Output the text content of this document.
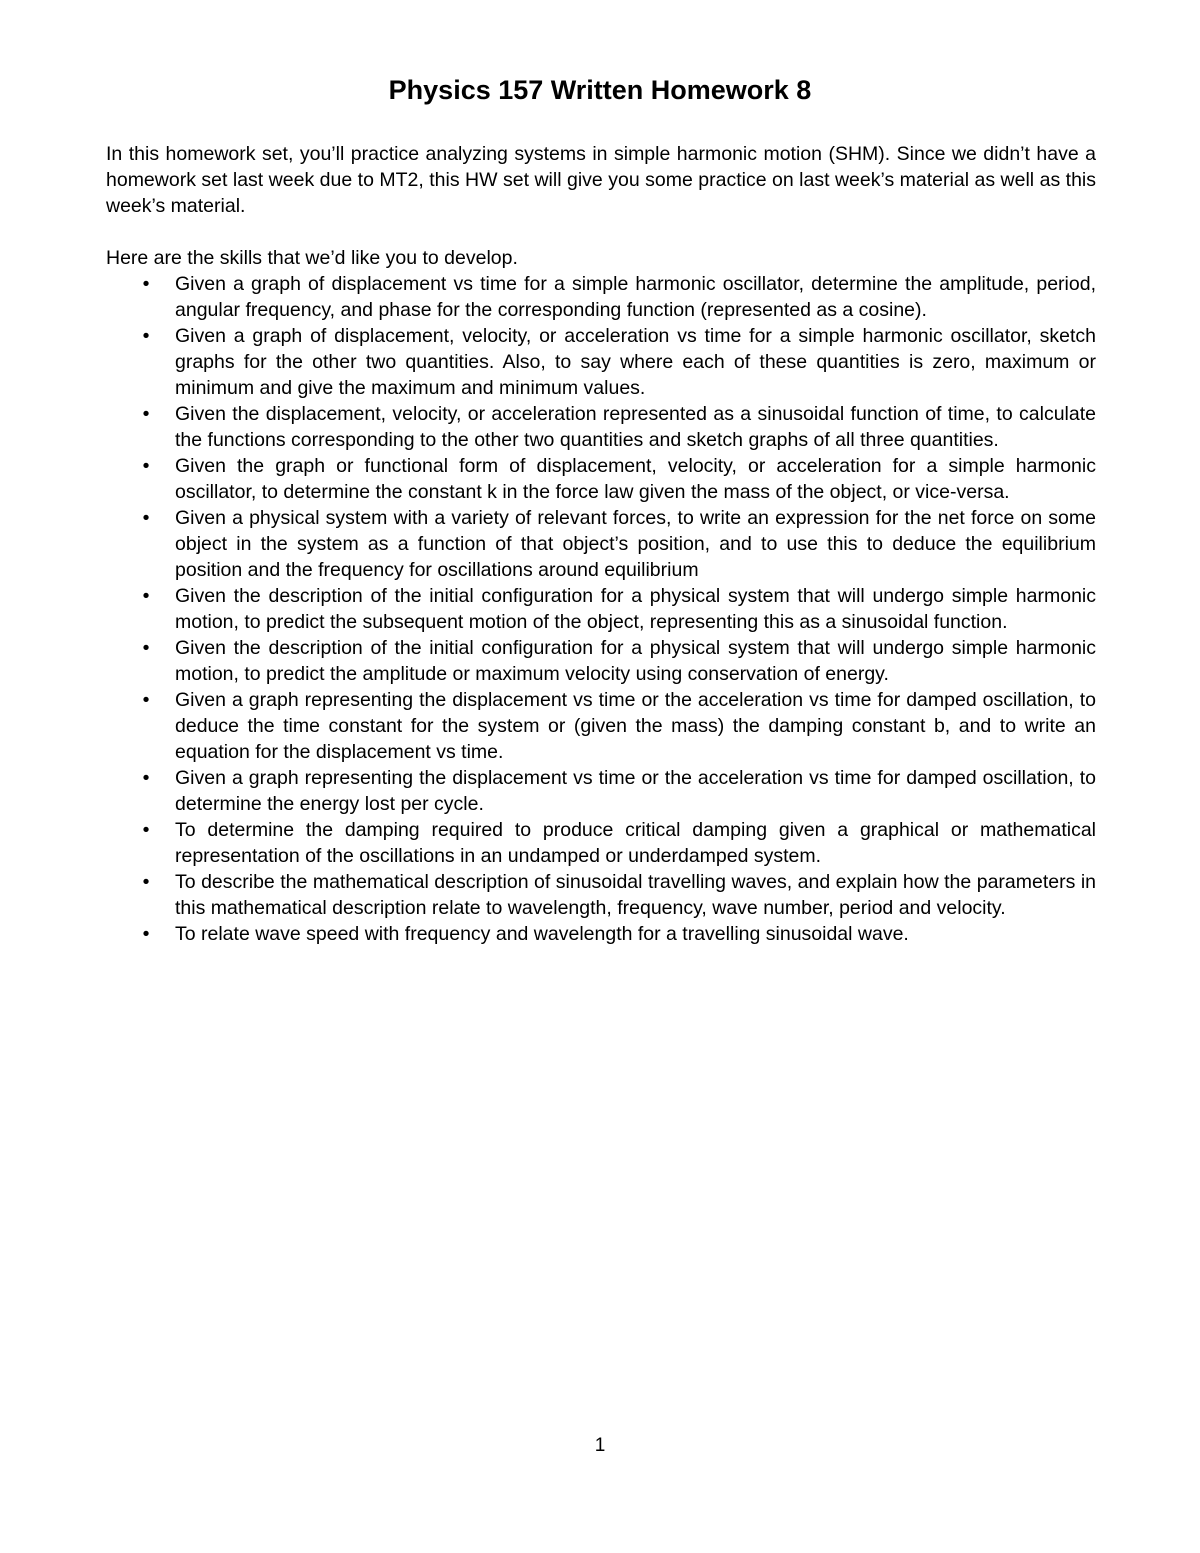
Physics 157 Written Homework 8

In this homework set, you’ll practice analyzing systems in simple harmonic motion (SHM). Since we didn’t have a homework set last week due to MT2, this HW set will give you some practice on last week’s material as well as this week’s material.

Here are the skills that we’d like you to develop.

• Given a graph of displacement vs time for a simple harmonic oscillator, determine the amplitude, period, angular frequency, and phase for the corresponding function (represented as a cosine).
• Given a graph of displacement, velocity, or acceleration vs time for a simple harmonic oscillator, sketch graphs for the other two quantities. Also, to say where each of these quantities is zero, maximum or minimum and give the maximum and minimum values.
• Given the displacement, velocity, or acceleration represented as a sinusoidal function of time, to calculate the functions corresponding to the other two quantities and sketch graphs of all three quantities.
• Given the graph or functional form of displacement, velocity, or acceleration for a simple harmonic oscillator, to determine the constant k in the force law given the mass of the object, or vice-versa.
• Given a physical system with a variety of relevant forces, to write an expression for the net force on some object in the system as a function of that object’s position, and to use this to deduce the equilibrium position and the frequency for oscillations around equilibrium
• Given the description of the initial configuration for a physical system that will undergo simple harmonic motion, to predict the subsequent motion of the object, representing this as a sinusoidal function.
• Given the description of the initial configuration for a physical system that will undergo simple harmonic motion, to predict the amplitude or maximum velocity using conservation of energy.
• Given a graph representing the displacement vs time or the acceleration vs time for damped oscillation, to deduce the time constant for the system or (given the mass) the damping constant b, and to write an equation for the displacement vs time.
• Given a graph representing the displacement vs time or the acceleration vs time for damped oscillation, to determine the energy lost per cycle.
• To determine the damping required to produce critical damping given a graphical or mathematical representation of the oscillations in an undamped or underdamped system.
• To describe the mathematical description of sinusoidal travelling waves, and explain how the parameters in this mathematical description relate to wavelength, frequency, wave number, period and velocity.
• To relate wave speed with frequency and wavelength for a travelling sinusoidal wave.
1
